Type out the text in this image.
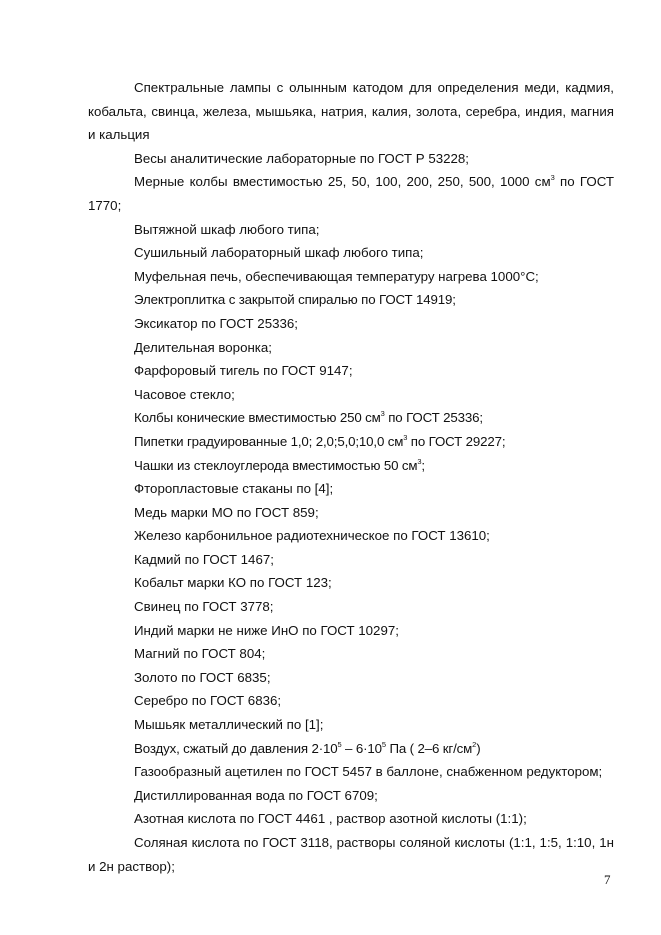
Спектральные лампы с олынным катодом для определения меди, кадмия, кобальта, свинца, железа, мышьяка, натрия, калия, золота, серебра, индия, магния и кальция

Весы аналитические лабораторные по ГОСТ Р 53228;

Мерные колбы вместимостью 25, 50, 100, 200, 250, 500, 1000 $см^3$ по ГОСТ 1770;

Вытяжной шкаф любого типа;

Сушильный лабораторный шкаф любого типа;

Муфельная печь, обеспечивающая температуру нагрева 1000°С;

Электроплитка с закрытой спиралью по ГОСТ 14919;

Эксикатор по ГОСТ 25336;

Делительная воронка;

Фарфоровый тигель по ГОСТ 9147;

Часовое стекло;

Колбы конические вместимостью 250 $см^3$ по ГОСТ 25336;

Пипетки градуированные 1,0; 2,0;5,0;10,0 $см^3$ по ГОСТ 29227;

Чашки из стеклоуглерода вместимостью 50 $см^3$;

Фторопластовые стаканы по [4];

Медь марки МО по ГОСТ 859;

Железо карбонильное радиотехническое по ГОСТ 13610;

Кадмий по ГОСТ 1467;

Кобальт марки КО по ГОСТ 123;

Свинец по ГОСТ 3778;

Индий марки не ниже ИнО по ГОСТ 10297;

Магний по ГОСТ 804;

Золото по ГОСТ 6835;

Серебро по ГОСТ 6836;

Мышьяк металлический по [1];

Воздух, сжатый до давления $2\cdot 10^5 - 6\cdot 10^5$ Па ( 2–6 $кг/см^2$)

Газообразный ацетилен по ГОСТ 5457 в баллоне, снабженном редуктором;

Дистиллированная вода по ГОСТ 6709;

Азотная кислота по ГОСТ 4461 , раствор азотной кислоты (1:1);

Соляная кислота по ГОСТ 3118, растворы соляной кислоты (1:1, 1:5, 1:10, 1н и 2н раствор);

7
